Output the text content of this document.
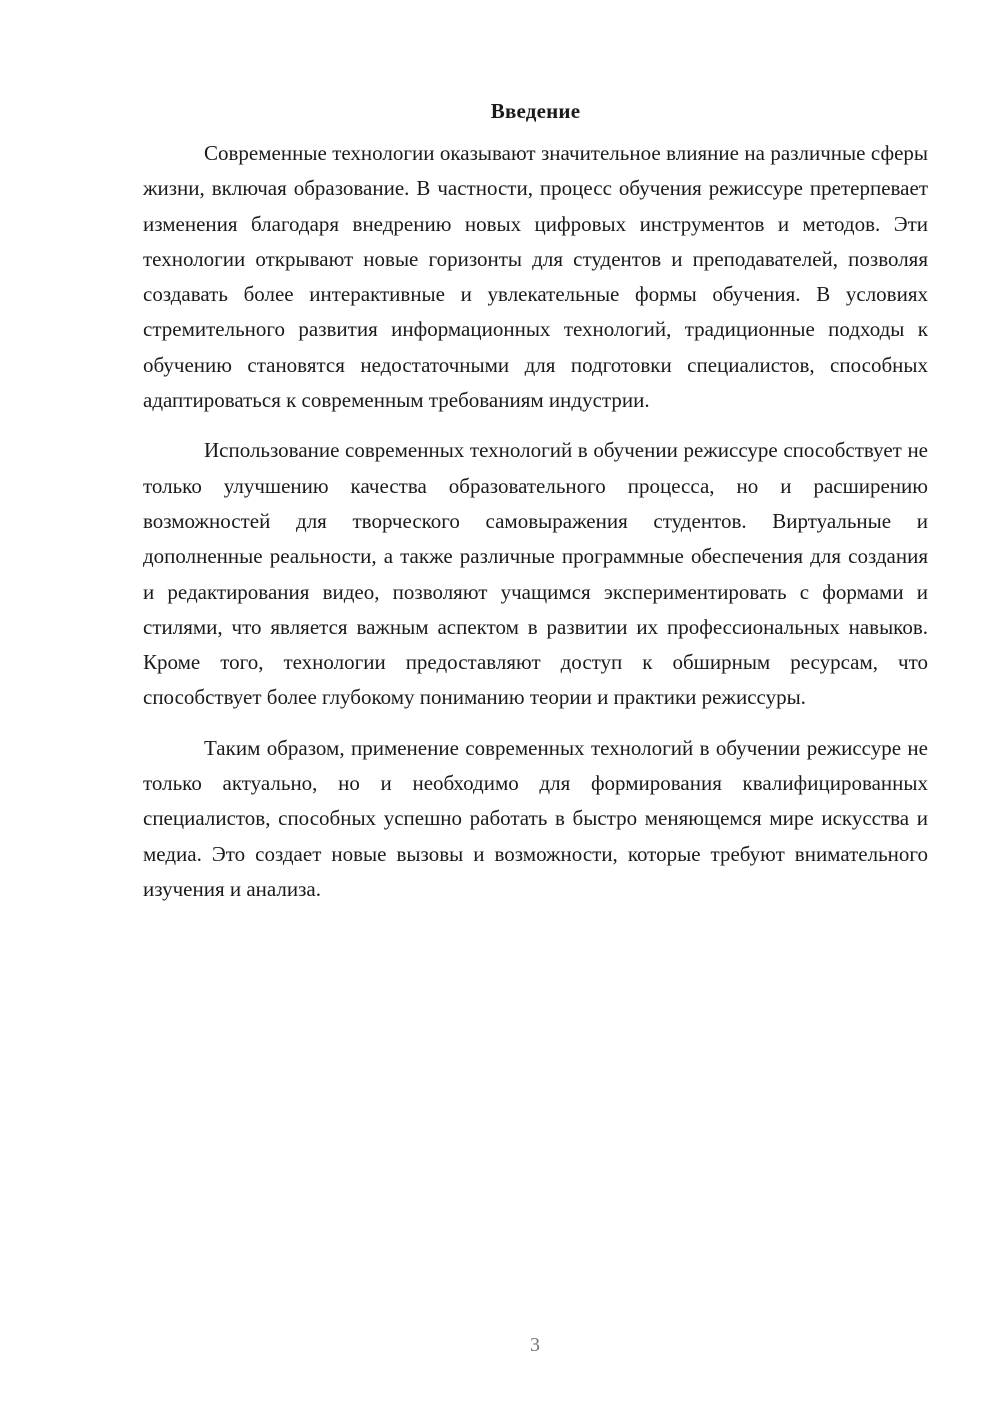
Введение

Современные технологии оказывают значительное влияние на различные сферы жизни, включая образование. В частности, процесс обучения режиссуре претерпевает изменения благодаря внедрению новых цифровых инструментов и методов. Эти технологии открывают новые горизонты для студентов и преподавателей, позволяя создавать более интерактивные и увлекательные формы обучения. В условиях стремительного развития информационных технологий, традиционные подходы к обучению становятся недостаточными для подготовки специалистов, способных адаптироваться к современным требованиям индустрии.

Использование современных технологий в обучении режиссуре способствует не только улучшению качества образовательного процесса, но и расширению возможностей для творческого самовыражения студентов. Виртуальные и дополненные реальности, а также различные программные обеспечения для создания и редактирования видео, позволяют учащимся экспериментировать с формами и стилями, что является важным аспектом в развитии их профессиональных навыков. Кроме того, технологии предоставляют доступ к обширным ресурсам, что способствует более глубокому пониманию теории и практики режиссуры.

Таким образом, применение современных технологий в обучении режиссуре не только актуально, но и необходимо для формирования квалифицированных специалистов, способных успешно работать в быстро меняющемся мире искусства и медиа. Это создает новые вызовы и возможности, которые требуют внимательного изучения и анализа.

3
